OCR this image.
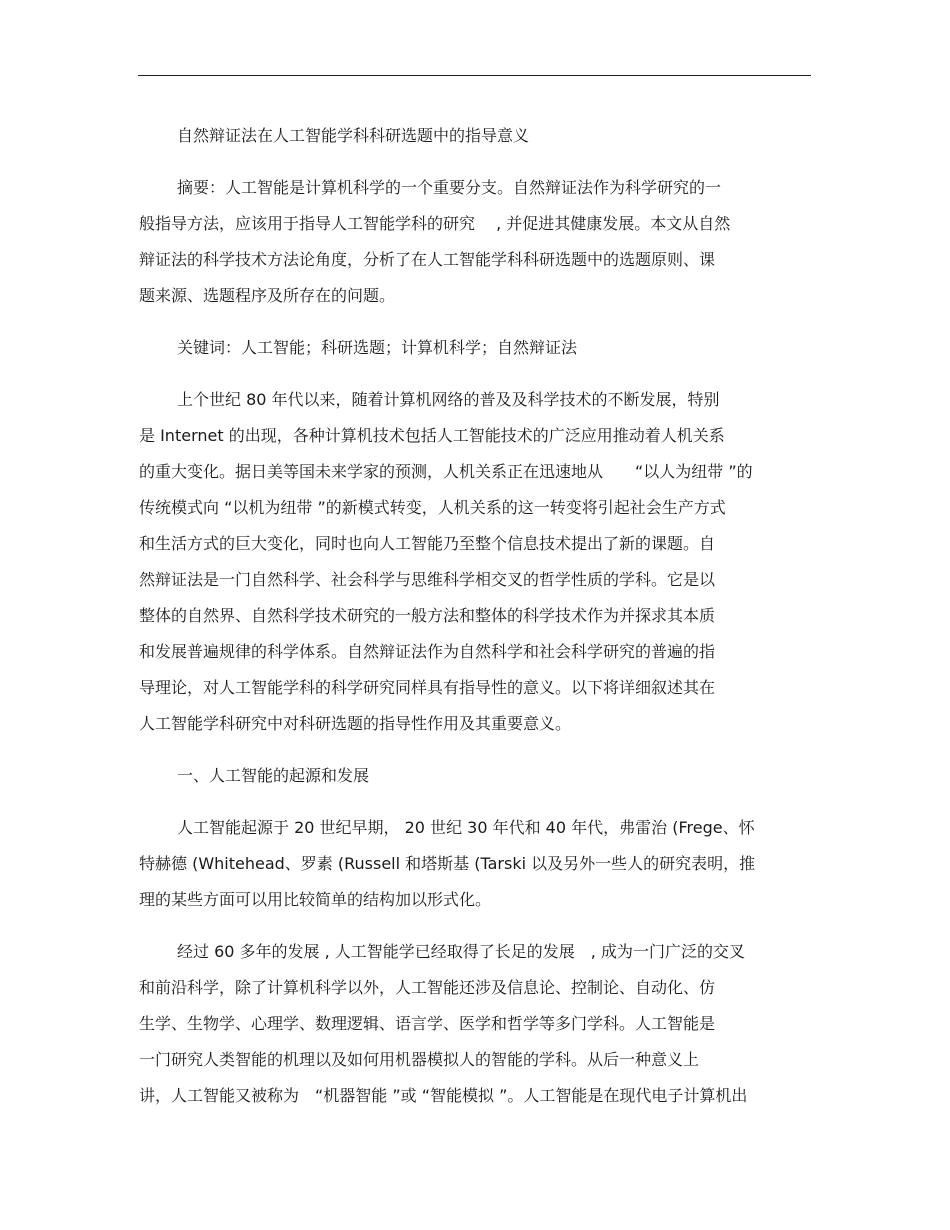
自然辩证法在人工智能学科科研选题中的指导意义
摘要：人工智能是计算机科学的一个重要分支。自然辩证法作为科学研究的一
般指导方法，应该用于指导人工智能学科的研究　 , 并促进其健康发展。本文从自然
辩证法的科学技术方法论角度，分析了在人工智能学科科研选题中的选题原则、课
题来源、选题程序及所存在的问题。
关键词：人工智能；科研选题；计算机科学；自然辩证法
上个世纪 80 年代以来，随着计算机网络的普及及科学技术的不断发展，特别
是 Internet 的出现，各种计算机技术包括人工智能技术的广泛应用推动着人机关系
的重大变化。据日美等国未来学家的预测，人机关系正在迅速地从　　“以人为纽带 ”的
传统模式向 “以机为纽带 ”的新模式转变，人机关系的这一转变将引起社会生产方式
和生活方式的巨大变化，同时也向人工智能乃至整个信息技术提出了新的课题。自
然辩证法是一门自然科学、社会科学与思维科学相交叉的哲学性质的学科。它是以
整体的自然界、自然科学技术研究的一般方法和整体的科学技术作为并探求其本质
和发展普遍规律的科学体系。自然辩证法作为自然科学和社会科学研究的普遍的指
导理论，对人工智能学科的科学研究同样具有指导性的意义。以下将详细叙述其在
人工智能学科研究中对科研选题的指导性作用及其重要意义。
一、人工智能的起源和发展
人工智能起源于 20 世纪早期， 20 世纪 30 年代和 40 年代，弗雷治 (Frege、怀
特赫德 (Whitehead、罗素 (Russell 和塔斯基 (Tarski 以及另外一些人的研究表明，推
理的某些方面可以用比较简单的结构加以形式化。
经过 60 多年的发展 , 人工智能学已经取得了长足的发展　, 成为一门广泛的交叉
和前沿科学，除了计算机科学以外，人工智能还涉及信息论、控制论、自动化、仿
生学、生物学、心理学、数理逻辑、语言学、医学和哲学等多门学科。人工智能是
一门研究人类智能的机理以及如何用机器模拟人的智能的学科。从后一种意义上
讲，人工智能又被称为　“机器智能 ”或 “智能模拟 ”。人工智能是在现代电子计算机出
